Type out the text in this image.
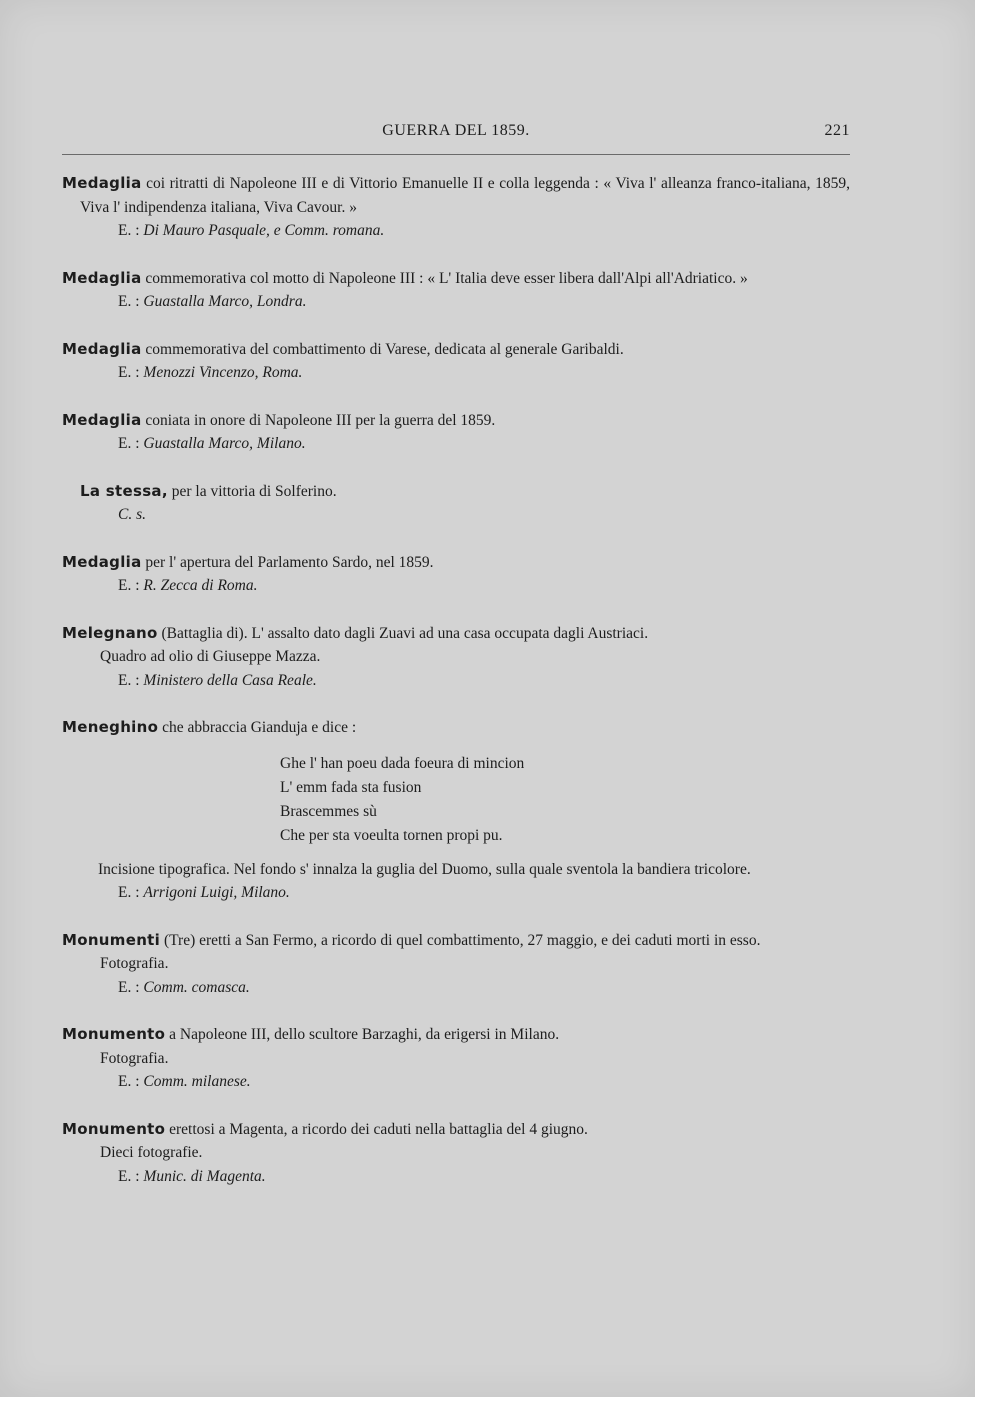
GUERRA DEL 1859.	221

Medaglia coi ritratti di Napoleone III e di Vittorio Emanuelle II e colla leggenda : « Viva l' alleanza franco-italiana, 1859, Viva l' indipendenza italiana, Viva Cavour. »

E. : Di Mauro Pasquale, e Comm. romana.

Medaglia commemorativa col motto di Napoleone III : « L' Italia deve esser libera dall'Alpi all'Adriatico. »

E. : Guastalla Marco, Londra.

Medaglia commemorativa del combattimento di Varese, dedicata al generale Garibaldi.

E. : Menozzi Vincenzo, Roma.

Medaglia coniata in onore di Napoleone III per la guerra del 1859.

E. : Guastalla Marco, Milano.

La stessa, per la vittoria di Solferino.

C. s.

Medaglia per l' apertura del Parlamento Sardo, nel 1859.

E. : R. Zecca di Roma.

Melegnano (Battaglia di). L' assalto dato dagli Zuavi ad una casa occupata dagli Austriaci.

Quadro ad olio di Giuseppe Mazza.

E. : Ministero della Casa Reale.

Meneghino che abbraccia Gianduja e dice :

Ghe l' han poeu dada foeura di mincion
L' emm fada sta fusion
Brascemmes sù
Che per sta voeulta tornen propi pu.

Incisione tipografica. Nel fondo s' innalza la guglia del Duomo, sulla quale sventola la bandiera tricolore.

E. : Arrigoni Luigi, Milano.

Monumenti (Tre) eretti a San Fermo, a ricordo di quel combattimento, 27 maggio, e dei caduti morti in esso.

Fotografia.

E. : Comm. comasca.

Monumento a Napoleone III, dello scultore Barzaghi, da erigersi in Milano.

Fotografia.

E. : Comm. milanese.

Monumento erettosi a Magenta, a ricordo dei caduti nella battaglia del 4 giugno.

Dieci fotografie.

E. : Munic. di Magenta.
